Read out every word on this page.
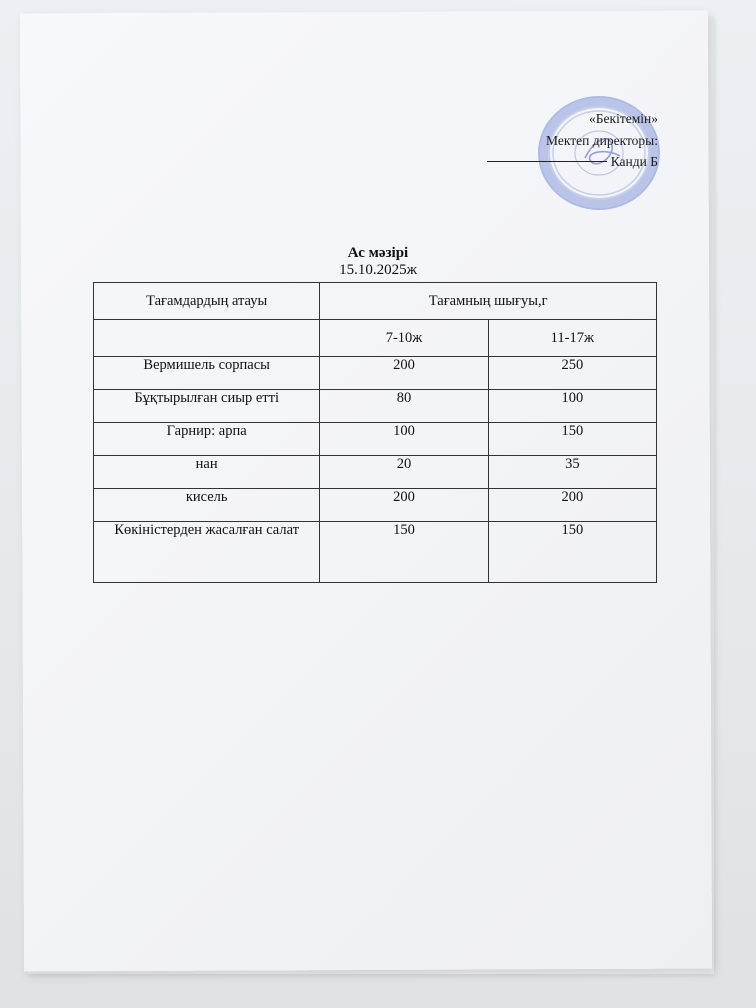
«Бекітемін»
Мектеп директоры:
Канди Б
Ас мәзірі
15.10.2025ж
Тағамдардың атауы	Тағамның шығуы,г	
	7-10ж	11-17ж
Вермишель сорпасы	200	250
Бұқтырылған сиыр етті	80	100
Гарнир: арпа	100	150
нан	20	35
кисель	200	200
Көкіністерден жасалған салат	150	150
